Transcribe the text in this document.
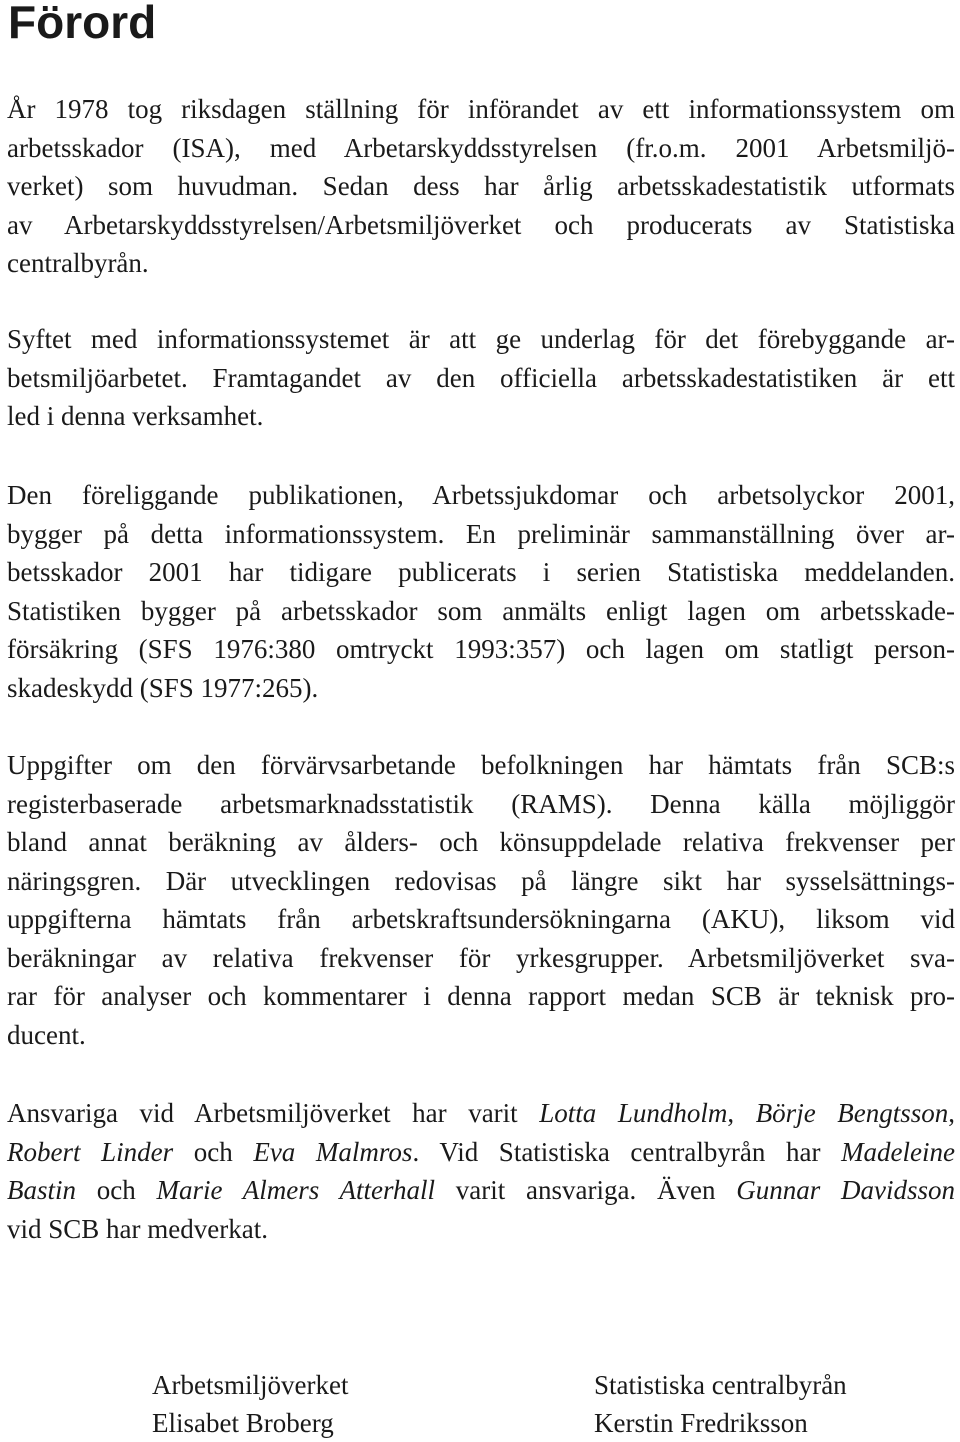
Förord

År 1978 tog riksdagen ställning för införandet av ett informationssystem om
arbetsskador (ISA), med Arbetarskyddsstyrelsen (fr.o.m. 2001 Arbetsmiljö-
verket) som huvudman. Sedan dess har årlig arbetsskadestatistik utformats
av Arbetarskyddsstyrelsen/Arbetsmiljöverket och producerats av Statistiska
centralbyrån.

Syftet med informationssystemet är att ge underlag för det förebyggande ar-
betsmiljöarbetet. Framtagandet av den officiella arbetsskadestatistiken är ett
led i denna verksamhet.

Den föreliggande publikationen, Arbetssjukdomar och arbetsolyckor 2001,
bygger på detta informationssystem. En preliminär sammanställning över ar-
betsskador 2001 har tidigare publicerats i serien Statistiska meddelanden.
Statistiken bygger på arbetsskador som anmälts enligt lagen om arbetsskade-
försäkring (SFS 1976:380 omtryckt 1993:357) och lagen om statligt person-
skadeskydd (SFS 1977:265).

Uppgifter om den förvärvsarbetande befolkningen har hämtats från SCB:s
registerbaserade arbetsmarknadsstatistik (RAMS). Denna källa möjliggör
bland annat beräkning av ålders- och könsuppdelade relativa frekvenser per
näringsgren. Där utvecklingen redovisas på längre sikt har sysselsättnings-
uppgifterna hämtats från arbetskraftsundersökningarna (AKU), liksom vid
beräkningar av relativa frekvenser för yrkesgrupper. Arbetsmiljöverket sva-
rar för analyser och kommentarer i denna rapport medan SCB är teknisk pro-
ducent.

Ansvariga vid Arbetsmiljöverket har varit Lotta Lundholm, Börje Bengtsson,
Robert Linder och Eva Malmros. Vid Statistiska centralbyrån har Madeleine
Bastin och Marie Almers Atterhall varit ansvariga. Även Gunnar Davidsson
vid SCB har medverkat.

Arbetsmiljöverket
Elisabet Broberg
Statistiska centralbyrån
Kerstin Fredriksson
